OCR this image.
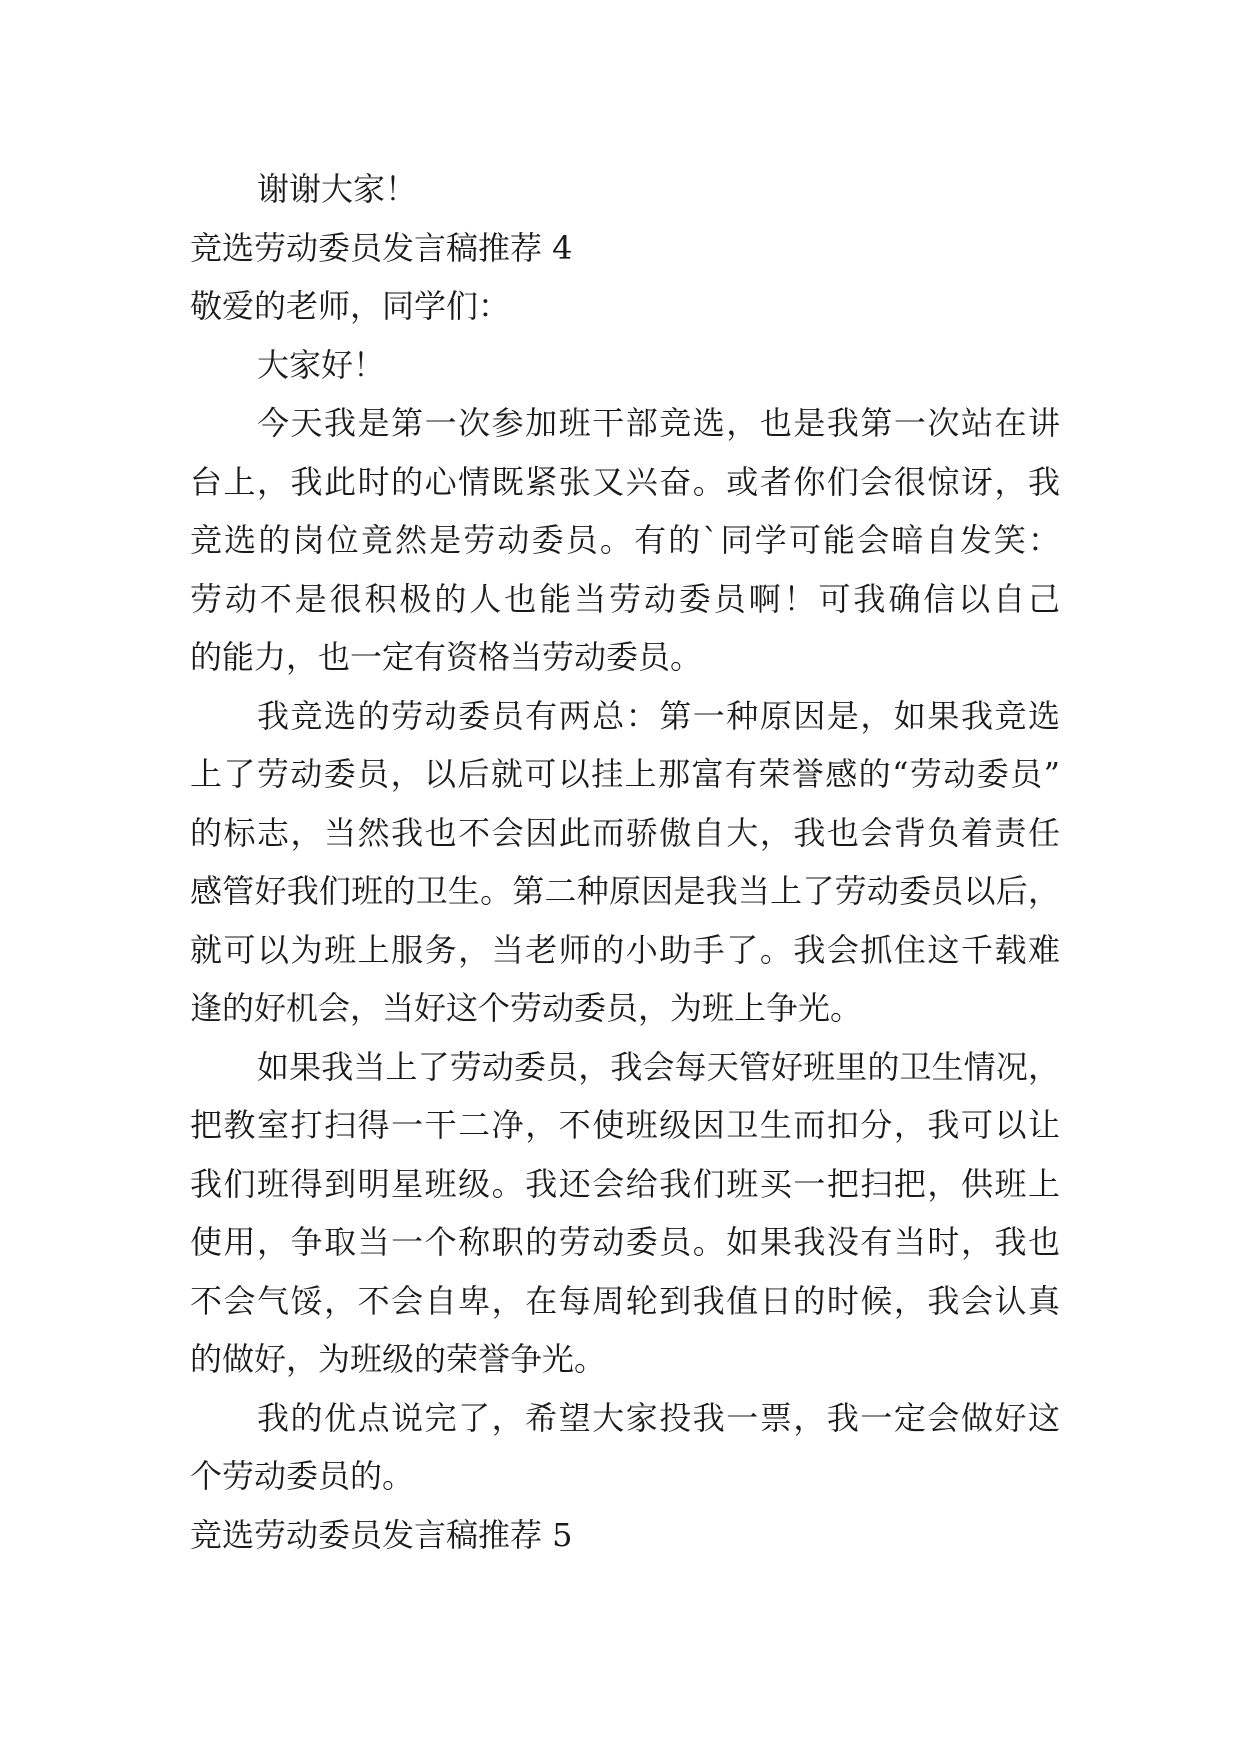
谢谢大家！
竞选劳动委员发言稿推荐 4
敬爱的老师，同学们：
大家好！
今天我是第一次参加班干部竞选，也是我第一次站在讲
台上，我此时的心情既紧张又兴奋。或者你们会很惊讶，我
竞选的岗位竟然是劳动委员。有的`同学可能会暗自发笑：
劳动不是很积极的人也能当劳动委员啊！可我确信以自己
的能力，也一定有资格当劳动委员。
我竞选的劳动委员有两总：第一种原因是，如果我竞选
上了劳动委员，以后就可以挂上那富有荣誉感的“劳动委员”
的标志，当然我也不会因此而骄傲自大，我也会背负着责任
感管好我们班的卫生。第二种原因是我当上了劳动委员以后，
就可以为班上服务，当老师的小助手了。我会抓住这千载难
逢的好机会，当好这个劳动委员，为班上争光。
如果我当上了劳动委员，我会每天管好班里的卫生情况，
把教室打扫得一干二净，不使班级因卫生而扣分，我可以让
我们班得到明星班级。我还会给我们班买一把扫把，供班上
使用，争取当一个称职的劳动委员。如果我没有当时，我也
不会气馁，不会自卑，在每周轮到我值日的时候，我会认真
的做好，为班级的荣誉争光。
我的优点说完了，希望大家投我一票，我一定会做好这
个劳动委员的。
竞选劳动委员发言稿推荐 5
